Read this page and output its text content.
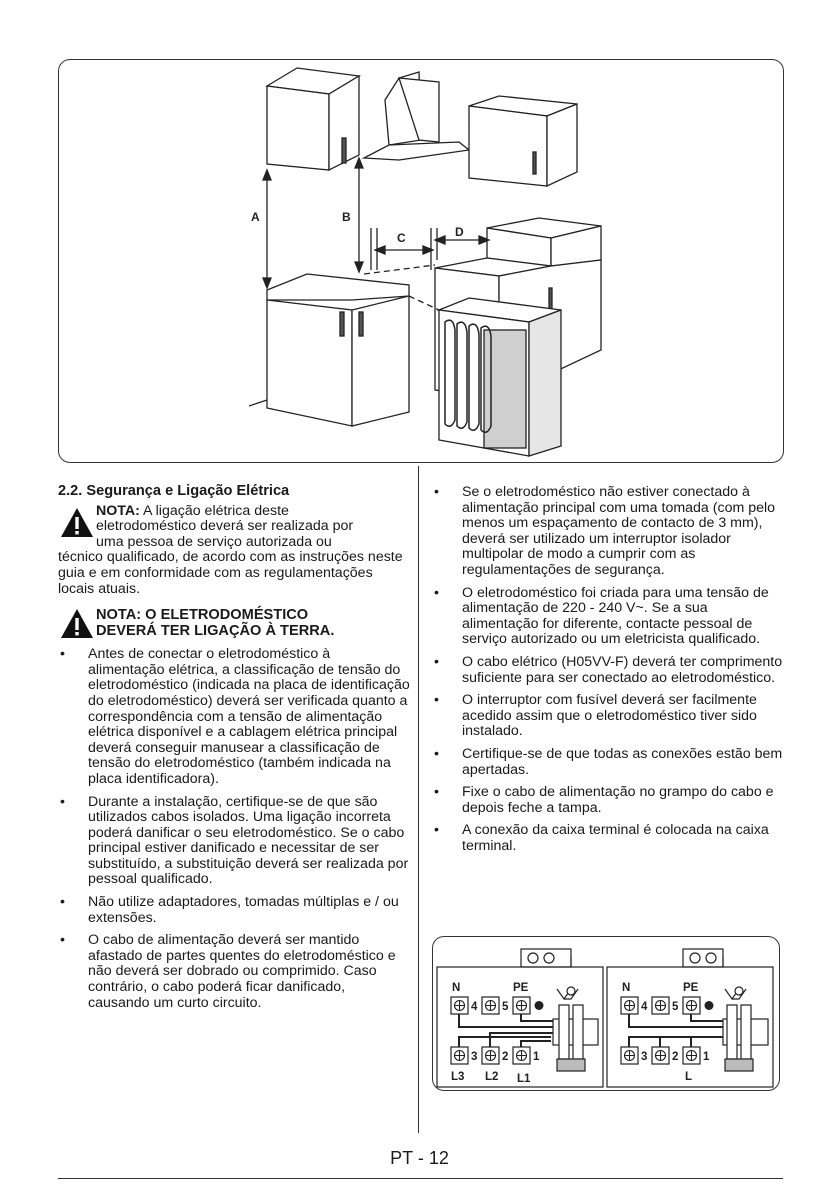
A	B
C	D
2.2. Segurança e Ligação Elétrica
NOTA: A ligação elétrica deste
eletrodoméstico deverá ser realizada por
uma pessoa de serviço autorizada ou
técnico qualificado, de acordo com as instruções neste guia e em conformidade com as regulamentações locais atuais.
NOTA: O ELETRODOMÉSTICO
DEVERÁ TER LIGAÇÃO À TERRA.
• Antes de conectar o eletrodoméstico à alimentação elétrica, a classificação de tensão do eletrodoméstico (indicada na placa de identificação do eletrodoméstico) deverá ser verificada quanto a correspondência com a tensão de alimentação elétrica disponível e a cablagem elétrica principal deverá conseguir manusear a classificação de tensão do eletrodoméstico (também indicada na placa identificadora).
• Durante a instalação, certifique-se de que são utilizados cabos isolados. Uma ligação incorreta poderá danificar o seu eletrodoméstico. Se o cabo principal estiver danificado e necessitar de ser substituído, a substituição deverá ser realizada por pessoal qualificado.
• Não utilize adaptadores, tomadas múltiplas e / ou extensões.
• O cabo de alimentação deverá ser mantido afastado de partes quentes do eletrodoméstico e não deverá ser dobrado ou comprimido. Caso contrário, o cabo poderá ficar danificado, causando um curto circuito.
• Se o eletrodoméstico não estiver conectado à alimentação principal com uma tomada (com pelo menos um espaçamento de contacto de 3 mm), deverá ser utilizado um interruptor isolador multipolar de modo a cumprir com as regulamentações de segurança.
• O eletrodoméstico foi criada para uma tensão de alimentação de 220 - 240 V~. Se a sua alimentação for diferente, contacte pessoal de serviço autorizado ou um eletricista qualificado.
• O cabo elétrico (H05VV-F) deverá ter comprimento suficiente para ser conectado ao eletrodoméstico.
• O interruptor com fusível deverá ser facilmente acedido assim que o eletrodoméstico tiver sido instalado.
• Certifique-se de que todas as conexões estão bem apertadas.
• Fixe o cabo de alimentação no grampo do cabo e depois feche a tampa.
• A conexão da caixa terminal é colocada na caixa terminal.
N	PE
4 5
3 2 1
L3 L2 L1
N	PE
4 5
3 2 1
L
PT - 12
